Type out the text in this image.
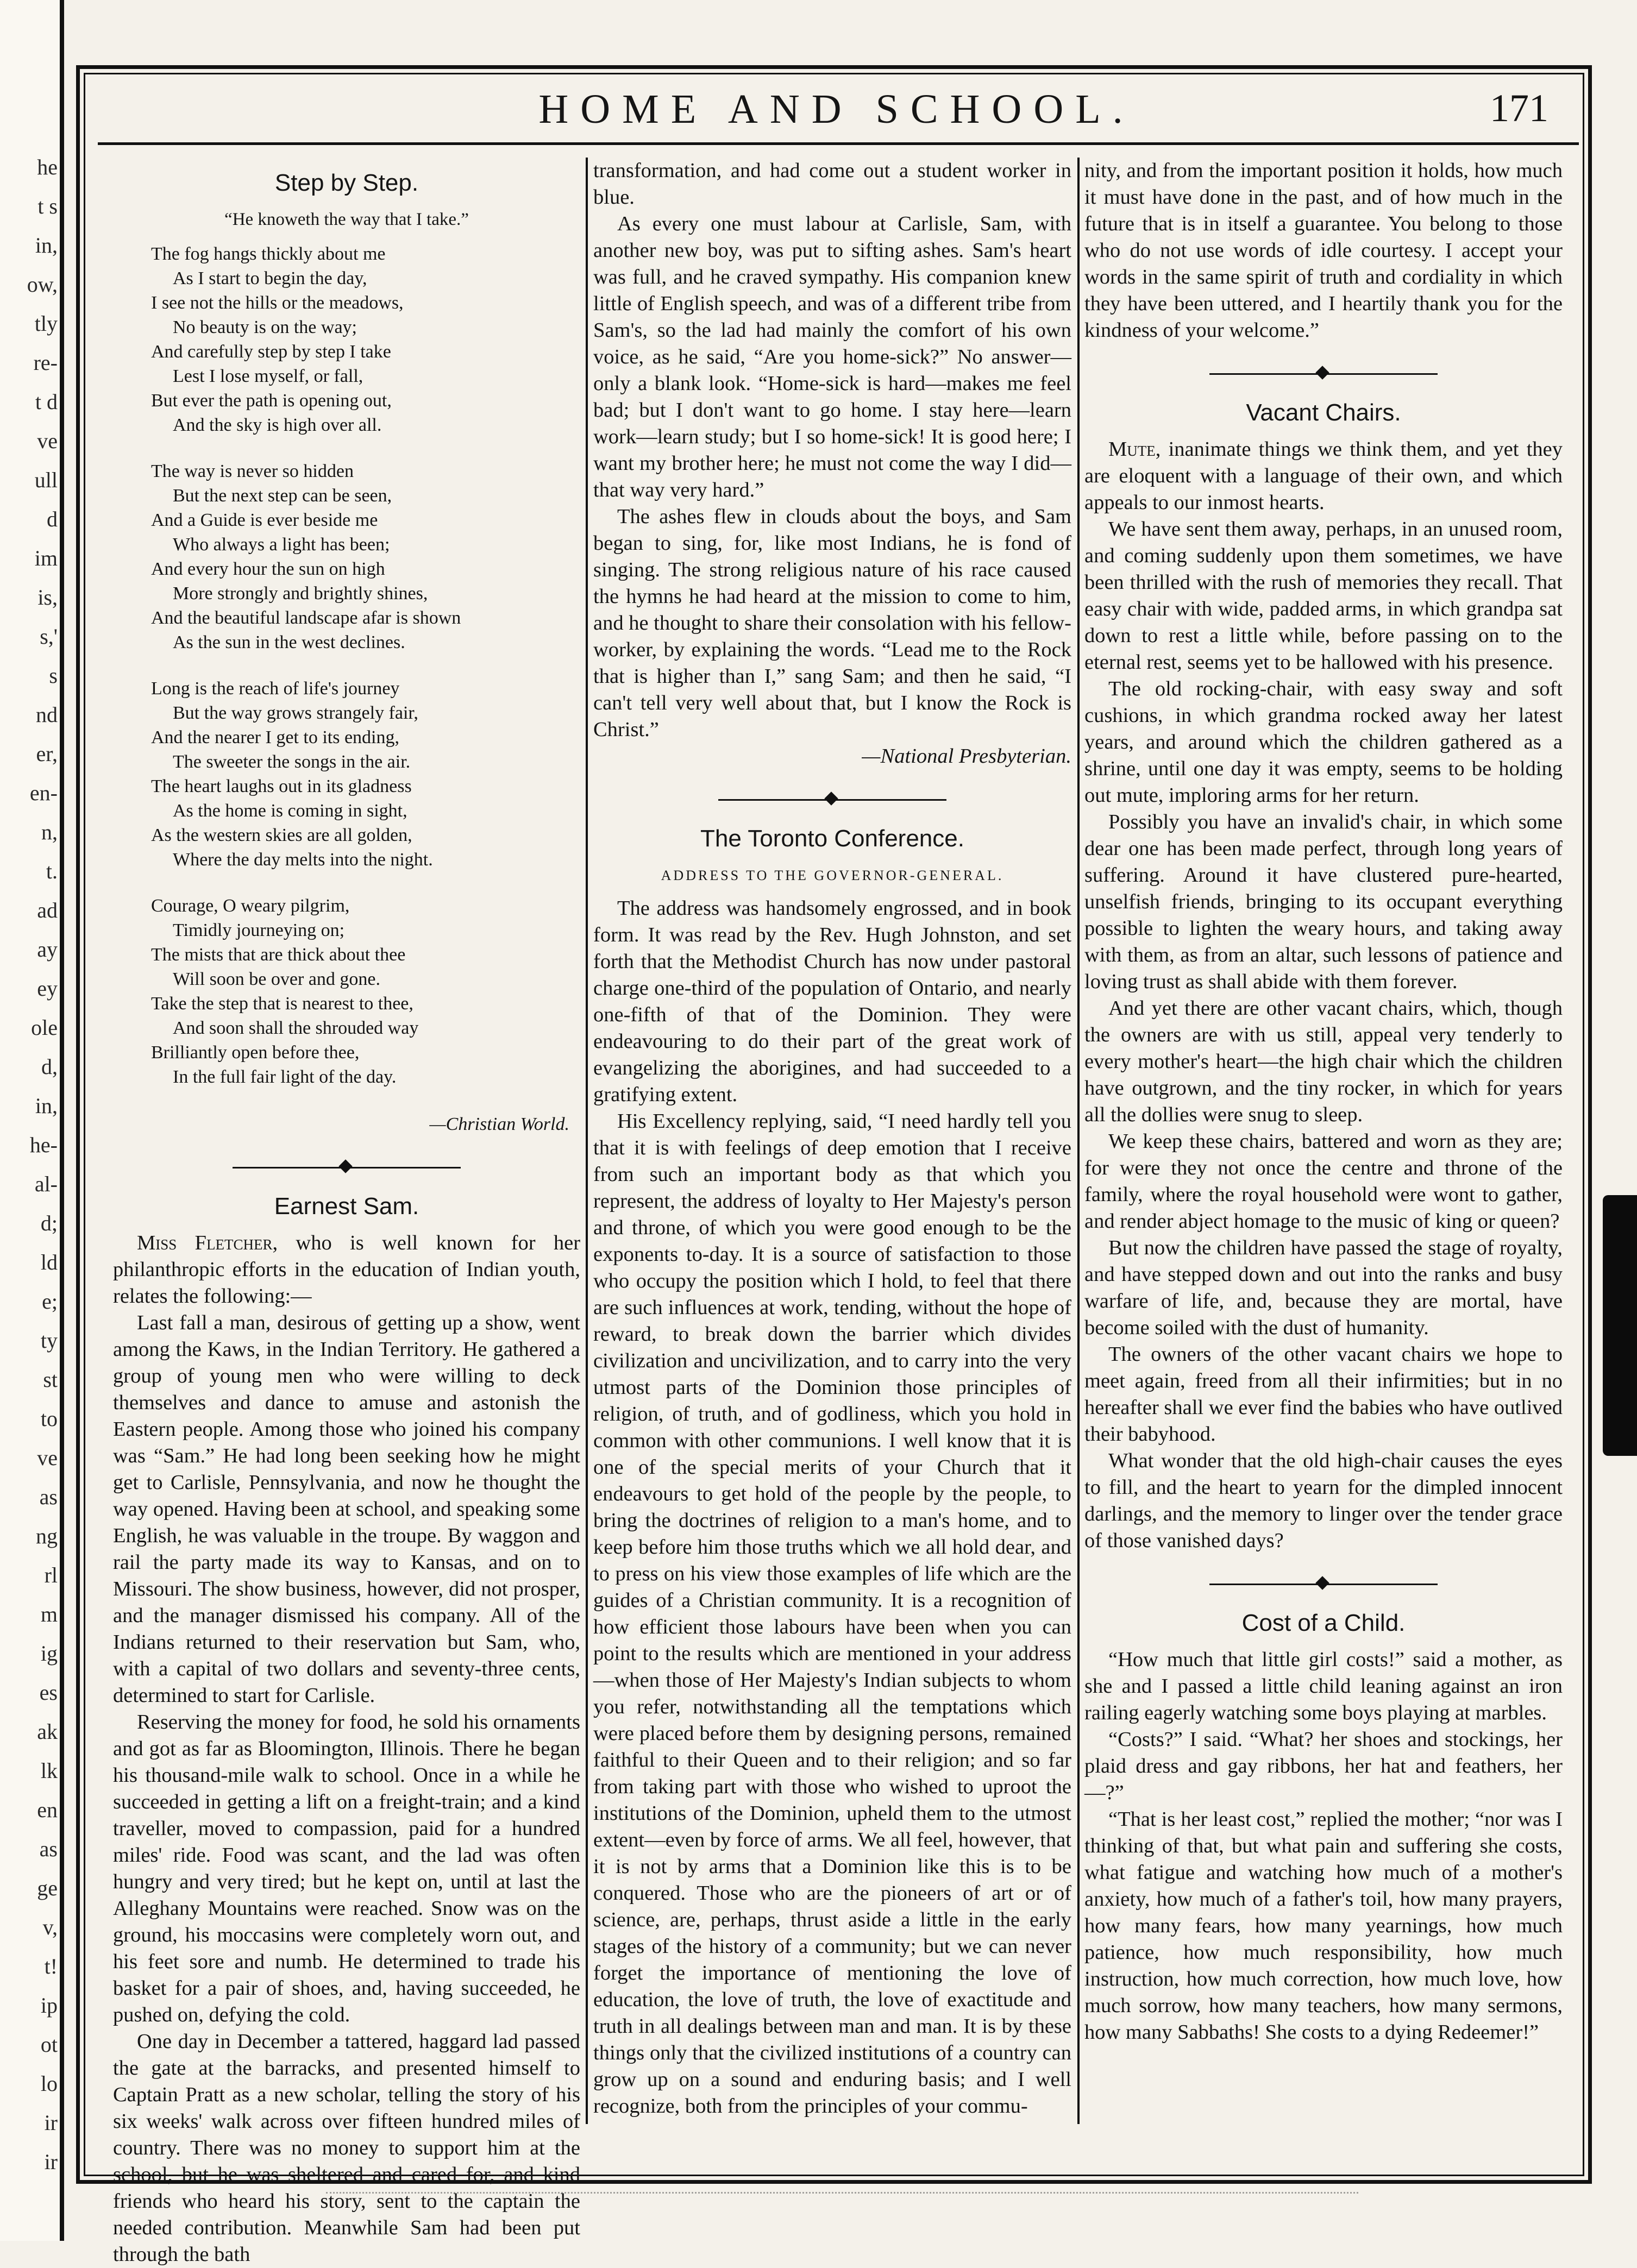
he
t s
in,
ow,
tly
re-
t d
ve
ull
d
im
is,
s,'
s
nd
er,
en-
n,
t.
ad
ay
ey
ole
d,
in,
he-
al-
d;
ld
e;
ty
st
to
ve
as
ng
rl
m
ig
es
ak
lk
en
as
ge
v,
t!
ip
ot
lo
ir
ir
HOME AND SCHOOL.	171
Step by Step.
“He knoweth the way that I take.”
The fog hangs thickly about me
As I start to begin the day,
I see not the hills or the meadows,
No beauty is on the way;
And carefully step by step I take
Lest I lose myself, or fall,
But ever the path is opening out,
And the sky is high over all.
The way is never so hidden
But the next step can be seen,
And a Guide is ever beside me
Who always a light has been;
And every hour the sun on high
More strongly and brightly shines,
And the beautiful landscape afar is shown
As the sun in the west declines.
Long is the reach of life's journey
But the way grows strangely fair,
And the nearer I get to its ending,
The sweeter the songs in the air.
The heart laughs out in its gladness
As the home is coming in sight,
As the western skies are all golden,
Where the day melts into the night.
Courage, O weary pilgrim,
Timidly journeying on;
The mists that are thick about thee
Will soon be over and gone.
Take the step that is nearest to thee,
And soon shall the shrouded way
Brilliantly open before thee,
In the full fair light of the day.
—Christian World.
Earnest Sam.

Miss Fletcher, who is well known for her philanthropic efforts in the education of Indian youth, relates the following:—

Last fall a man, desirous of getting up a show, went among the Kaws, in the Indian Territory. He gathered a group of young men who were willing to deck themselves and dance to amuse and astonish the Eastern people. Among those who joined his company was “Sam.” He had long been seeking how he might get to Carlisle, Pennsylvania, and now he thought the way opened. Having been at school, and speaking some English, he was valuable in the troupe. By waggon and rail the party made its way to Kansas, and on to Missouri. The show business, however, did not prosper, and the manager dismissed his company. All of the Indians returned to their reservation but Sam, who, with a capital of two dollars and seventy-three cents, determined to start for Carlisle.

Reserving the money for food, he sold his ornaments and got as far as Bloomington, Illinois. There he began his thousand-mile walk to school. Once in a while he succeeded in getting a lift on a freight-train; and a kind traveller, moved to compassion, paid for a hundred miles' ride. Food was scant, and the lad was often hungry and very tired; but he kept on, until at last the Alleghany Mountains were reached. Snow was on the ground, his moccasins were completely worn out, and his feet sore and numb. He determined to trade his basket for a pair of shoes, and, having succeeded, he pushed on, defying the cold.

One day in December a tattered, haggard lad passed the gate at the barracks, and presented himself to Captain Pratt as a new scholar, telling the story of his six weeks' walk across over fifteen hundred miles of country. There was no money to support him at the school, but he was sheltered and cared for, and kind friends who heard his story, sent to the captain the needed contribution. Meanwhile Sam had been put through the bath

transformation, and had come out a student worker in blue.

As every one must labour at Carlisle, Sam, with another new boy, was put to sifting ashes. Sam's heart was full, and he craved sympathy. His companion knew little of English speech, and was of a different tribe from Sam's, so the lad had mainly the comfort of his own voice, as he said, “Are you home-sick?” No answer—only a blank look. “Home-sick is hard—makes me feel bad; but I don't want to go home. I stay here—learn work—learn study; but I so home-sick! It is good here; I want my brother here; he must not come the way I did—that way very hard.”

The ashes flew in clouds about the boys, and Sam began to sing, for, like most Indians, he is fond of singing. The strong religious nature of his race caused the hymns he had heard at the mission to come to him, and he thought to share their consolation with his fellow-worker, by explaining the words. “Lead me to the Rock that is higher than I,” sang Sam; and then he said, “I can't tell very well about that, but I know the Rock is Christ.”

—National Presbyterian.
The Toronto Conference.
ADDRESS TO THE GOVERNOR-GENERAL.

The address was handsomely engrossed, and in book form. It was read by the Rev. Hugh Johnston, and set forth that the Methodist Church has now under pastoral charge one-third of the population of Ontario, and nearly one-fifth of that of the Dominion. They were endeavouring to do their part of the great work of evangelizing the aborigines, and had succeeded to a gratifying extent.

His Excellency replying, said, “I need hardly tell you that it is with feelings of deep emotion that I receive from such an important body as that which you represent, the address of loyalty to Her Majesty's person and throne, of which you were good enough to be the exponents to-day. It is a source of satisfaction to those who occupy the position which I hold, to feel that there are such influences at work, tending, without the hope of reward, to break down the barrier which divides civilization and uncivilization, and to carry into the very utmost parts of the Dominion those principles of religion, of truth, and of godliness, which you hold in common with other communions. I well know that it is one of the special merits of your Church that it endeavours to get hold of the people by the people, to bring the doctrines of religion to a man's home, and to keep before him those truths which we all hold dear, and to press on his view those examples of life which are the guides of a Christian community. It is a recognition of how efficient those labours have been when you can point to the results which are mentioned in your address—when those of Her Majesty's Indian subjects to whom you refer, notwithstanding all the temptations which were placed before them by designing persons, remained faithful to their Queen and to their religion; and so far from taking part with those who wished to uproot the institutions of the Dominion, upheld them to the utmost extent—even by force of arms. We all feel, however, that it is not by arms that a Dominion like this is to be conquered. Those who are the pioneers of art or of science, are, perhaps, thrust aside a little in the early stages of the history of a community; but we can never forget the importance of mentioning the love of education, the love of truth, the love of exactitude and truth in all dealings between man and man. It is by these things only that the civilized institutions of a country can grow up on a sound and enduring basis; and I well recognize, both from the principles of your commu-

nity, and from the important position it holds, how much it must have done in the past, and of how much in the future that is in itself a guarantee. You belong to those who do not use words of idle courtesy. I accept your words in the same spirit of truth and cordiality in which they have been uttered, and I heartily thank you for the kindness of your welcome.”

Vacant Chairs.

Mute, inanimate things we think them, and yet they are eloquent with a language of their own, and which appeals to our inmost hearts.

We have sent them away, perhaps, in an unused room, and coming suddenly upon them sometimes, we have been thrilled with the rush of memories they recall. That easy chair with wide, padded arms, in which grandpa sat down to rest a little while, before passing on to the eternal rest, seems yet to be hallowed with his presence.

The old rocking-chair, with easy sway and soft cushions, in which grandma rocked away her latest years, and around which the children gathered as a shrine, until one day it was empty, seems to be holding out mute, imploring arms for her return.

Possibly you have an invalid's chair, in which some dear one has been made perfect, through long years of suffering. Around it have clustered pure-hearted, unselfish friends, bringing to its occupant everything possible to lighten the weary hours, and taking away with them, as from an altar, such lessons of patience and loving trust as shall abide with them forever.

And yet there are other vacant chairs, which, though the owners are with us still, appeal very tenderly to every mother's heart—the high chair which the children have outgrown, and the tiny rocker, in which for years all the dollies were snug to sleep.

We keep these chairs, battered and worn as they are; for were they not once the centre and throne of the family, where the royal household were wont to gather, and render abject homage to the music of king or queen?

But now the children have passed the stage of royalty, and have stepped down and out into the ranks and busy warfare of life, and, because they are mortal, have become soiled with the dust of humanity.

The owners of the other vacant chairs we hope to meet again, freed from all their infirmities; but in no hereafter shall we ever find the babies who have outlived their babyhood.

What wonder that the old high-chair causes the eyes to fill, and the heart to yearn for the dimpled innocent darlings, and the memory to linger over the tender grace of those vanished days?

Cost of a Child.

“How much that little girl costs!” said a mother, as she and I passed a little child leaning against an iron railing eagerly watching some boys playing at marbles.

“Costs?” I said. “What? her shoes and stockings, her plaid dress and gay ribbons, her hat and feathers, her—?”

“That is her least cost,” replied the mother; “nor was I thinking of that, but what pain and suffering she costs, what fatigue and watching how much of a mother's anxiety, how much of a father's toil, how many prayers, how many fears, how many yearnings, how much patience, how much responsibility, how much instruction, how much correction, how much love, how much sorrow, how many teachers, how many sermons, how many Sabbaths! She costs to a dying Redeemer!”
